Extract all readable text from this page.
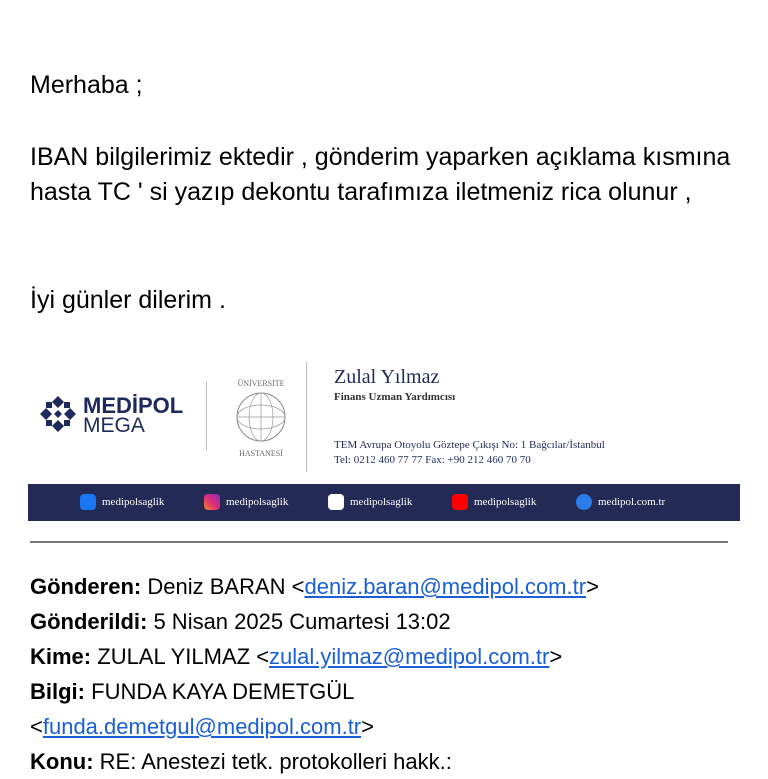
Merhaba ;

IBAN bilgilerimiz ektedir , gönderim yaparken açıklama kısmına hasta TC ' si yazıp dekontu tarafımıza iletmeniz rica olunur ,

İyi günler dilerim .

MEDİPOL
MEGA
ÜNİVERSİTE
HASTANESİ
Zulal Yılmaz
Finans Uzman Yardımcısı
TEM Avrupa Otoyolu Göztepe Çıkışı No: 1 Bağcılar/İstanbul
Tel: 0212 460 77 77 Fax: +90 212 460 70 70
medipolsaglik	medipolsaglik	medipolsaglik	medipolsaglik	medipol.com.tr

Gönderen: Deniz BARAN <deniz.baran@medipol.com.tr>

Gönderildi: 5 Nisan 2025 Cumartesi 13:02

Kime: ZULAL YILMAZ <zulal.yilmaz@medipol.com.tr>

Bilgi: FUNDA KAYA DEMETGÜL

<funda.demetgul@medipol.com.tr>

Konu: RE: Anestezi tetk. protokolleri hakk.:
